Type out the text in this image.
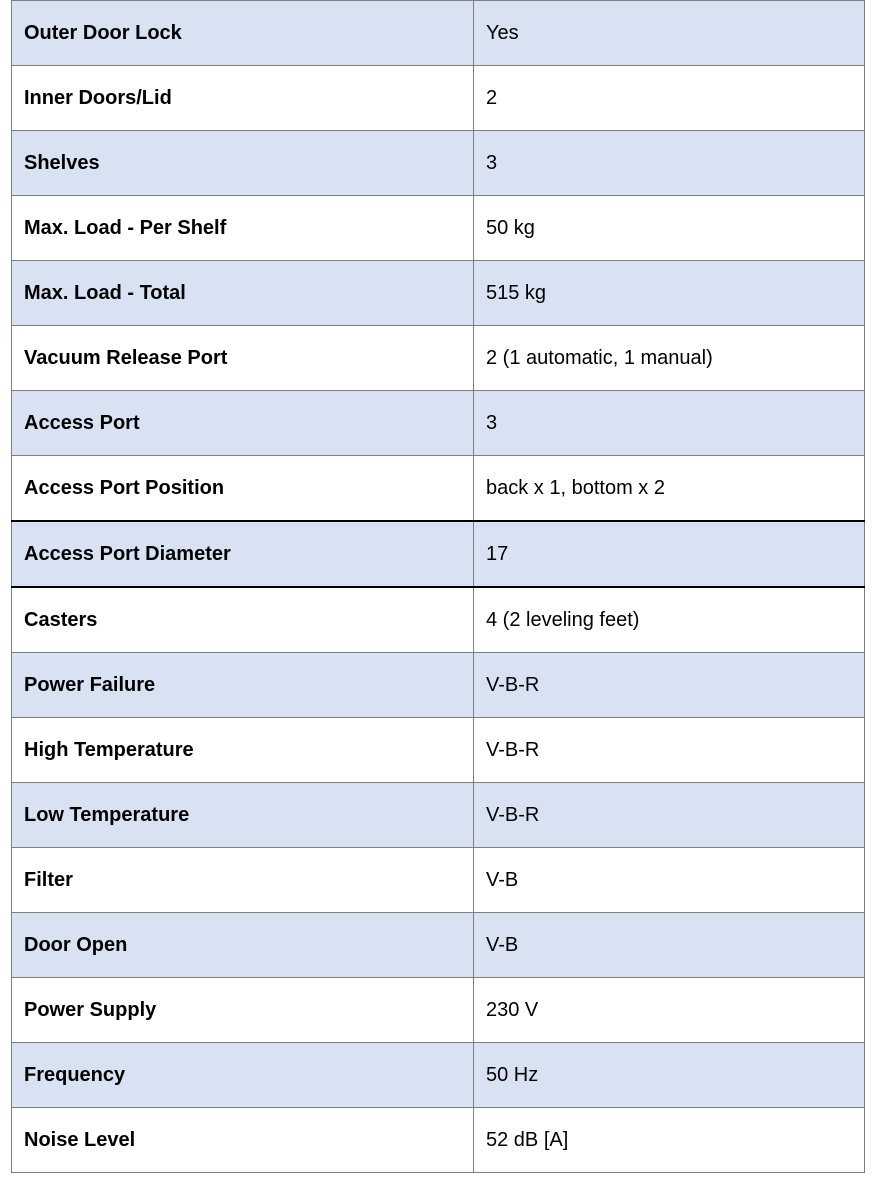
Outer Door Lock	Yes
Inner Doors/Lid	2
Shelves	3
Max. Load - Per Shelf	50 kg
Max. Load - Total	515 kg
Vacuum Release Port	2 (1 automatic, 1 manual)
Access Port	3
Access Port Position	back x 1, bottom x 2
Access Port Diameter	17
Casters	4 (2 leveling feet)
Power Failure	V-B-R
High Temperature	V-B-R
Low Temperature	V-B-R
Filter	V-B
Door Open	V-B
Power Supply	230 V
Frequency	50 Hz
Noise Level	52 dB [A]
